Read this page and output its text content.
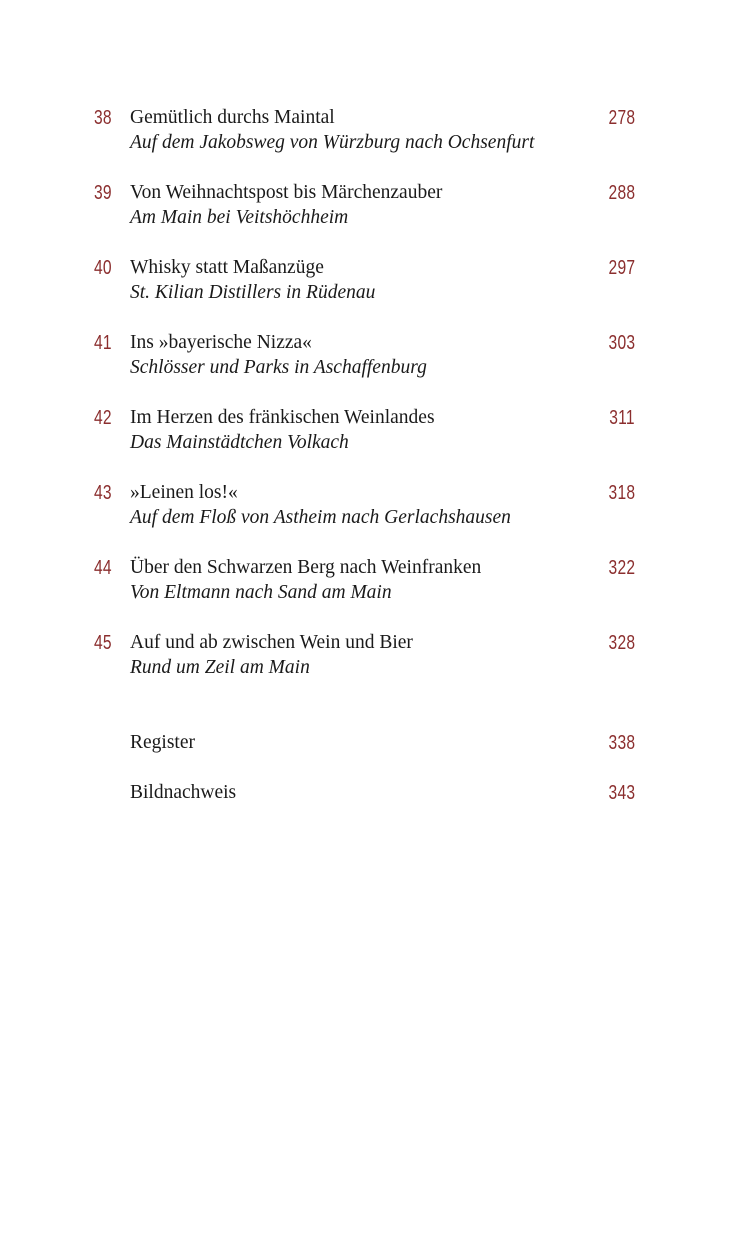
38 Gemütlich durchs Maintal
Auf dem Jakobsweg von Würzburg nach Ochsenfurt
278
39 Von Weihnachtspost bis Märchenzauber
Am Main bei Veitshöchheim
288
40 Whisky statt Maßanzüge
St. Kilian Distillers in Rüdenau
297
41 Ins »bayerische Nizza«
Schlösser und Parks in Aschaffenburg
303
42 Im Herzen des fränkischen Weinlandes
Das Mainstädtchen Volkach
311
43 »Leinen los!«
Auf dem Floß von Astheim nach Gerlachshausen
318
44 Über den Schwarzen Berg nach Weinfranken
Von Eltmann nach Sand am Main
322
45 Auf und ab zwischen Wein und Bier
Rund um Zeil am Main
328
Register	338
Bildnachweis	343
